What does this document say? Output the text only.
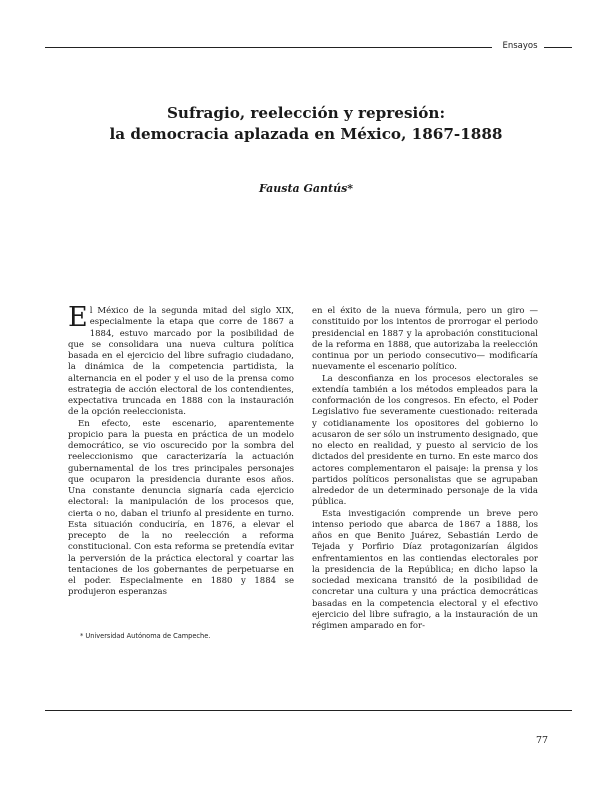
Ensayos
Sufragio, reelección y represión:
la democracia aplazada en México, 1867-1888

Fausta Gantús*

El México de la segunda mitad del siglo XIX, especialmente la etapa que corre de 1867 a 1884, estuvo marcado por la posibilidad de que se consolidara una nueva cultura política basada en el ejercicio del libre sufragio ciudadano, la dinámica de la competencia partidista, la alternancia en el poder y el uso de la prensa como estrategia de acción electoral de los contendientes, expectativa truncada en 1888 con la instauración de la opción reeleccionista.

En efecto, este escenario, aparentemente propicio para la puesta en práctica de un modelo democrático, se vio oscurecido por la sombra del reeleccionismo que caracterizaría la actuación gubernamental de los tres principales personajes que ocuparon la presidencia durante esos años. Una constante denuncia signaría cada ejercicio electoral: la manipulación de los procesos que, cierta o no, daban el triunfo al presidente en turno. Esta situación conduciría, en 1876, a elevar el precepto de la no reelección a reforma constitucional. Con esta reforma se pretendía evitar la perversión de la práctica electoral y coartar las tentaciones de los gobernantes de perpetuarse en el poder. Especialmente en 1880 y 1884 se produjeron esperanzas

en el éxito de la nueva fórmula, pero un giro —constituido por los intentos de prorrogar el periodo presidencial en 1887 y la aprobación constitucional de la reforma en 1888, que autorizaba la reelección continua por un periodo consecutivo— modificaría nuevamente el escenario político.

La desconfianza en los procesos electorales se extendía también a los métodos empleados para la conformación de los congresos. En efecto, el Poder Legislativo fue severamente cuestionado: reiterada y cotidianamente los opositores del gobierno lo acusaron de ser sólo un instrumento designado, que no electo en realidad, y puesto al servicio de los dictados del presidente en turno. En este marco dos actores complementaron el paisaje: la prensa y los partidos políticos personalistas que se agrupaban alrededor de un determinado personaje de la vida pública.

Esta investigación comprende un breve pero intenso periodo que abarca de 1867 a 1888, los años en que Benito Juárez, Sebastián Lerdo de Tejada y Porfirio Díaz protagonizarían álgidos enfrentamientos en las contiendas electorales por la presidencia de la República; en dicho lapso la sociedad mexicana transitó de la posibilidad de concretar una cultura y una práctica democráticas basadas en la competencia electoral y el efectivo ejercicio del libre sufragio, a la instauración de un régimen amparado en for-

* Universidad Autónoma de Campeche.
77
